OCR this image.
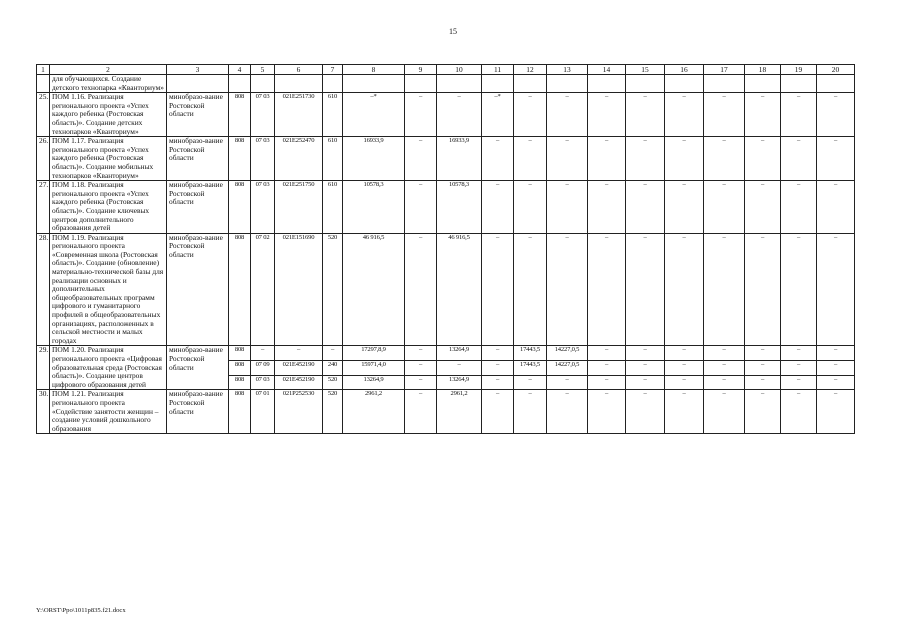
15
1	2	3	4	5	6	7	8	9	10	11	12	13	14	15	16	17	18	19	20
	для обучающихся. Создание детского технопарка «Кванториум»																		
25.	ПОМ 1.16. Реализация регионального проекта «Успех каждого ребенка (Ростовская область)». Создание детских технопарков «Кванториум»	минобразо-вание Ростовской области	808	07 03	021E251730	610	–*	–	–	–*	–	–	–	–	–	–	–	–	–
26.	ПОМ 1.17. Реализация регионального проекта «Успех каждого ребенка (Ростовская область)». Создание мобильных технопарков «Кванториум»	минобразо-вание Ростовской области	808	07 03	021E252470	610	16933,9	–	16933,9	–	–	–	–	–	–	–	–	–	–
27.	ПОМ 1.18. Реализация регионального проекта «Успех каждого ребенка (Ростовская область)». Создание ключевых центров дополнительного образования детей	минобразо-вание Ростовской области	808	07 03	021E251750	610	10578,3	–	10578,3	–	–	–	–	–	–	–	–	–	–
28.	ПОМ 1.19. Реализация регионального проекта «Современная школа (Ростовская область)». Создание (обновление) материально-технической базы для реализации основных и дополнительных общеобразовательных программ цифрового и гуманитарного профилей в общеобразовательных организациях, расположенных в сельской местности и малых городах	минобразо-вание Ростовской области	808	07 02	021E151690	520	46 916,5	–	46 916,5	–	–	–	–	–	–	–	–	–	–
29.	ПОМ 1.20. Реализация регионального проекта «Цифровая образовательная среда (Ростовская область)». Создание центров цифрового образования детей	минобразо-вание Ростовской области	808	–	–	–	17297,8,9	–	13264,9	–	17443,5	14227,0,5	–	–	–	–	–	–	–
			808	07 09	021E452190	240	15971,4,0	–	–	–	17443,5	14227,0,5	–	–	–	–	–	–	–
			808	07 03	021E452190	520	13264,9	–	13264,9	–	–	–	–	–	–	–	–	–	–
30.	ПОМ 1.21. Реализация регионального проекта «Содействие занятости женщин – создание условий дошкольного образования	минобразо-вание Ростовской области	808	07 01	021P252530	520	2961,2	–	2961,2	–	–	–	–	–	–	–	–	–	–
Y:\ORST\Ppo\1011p835.f21.docx
